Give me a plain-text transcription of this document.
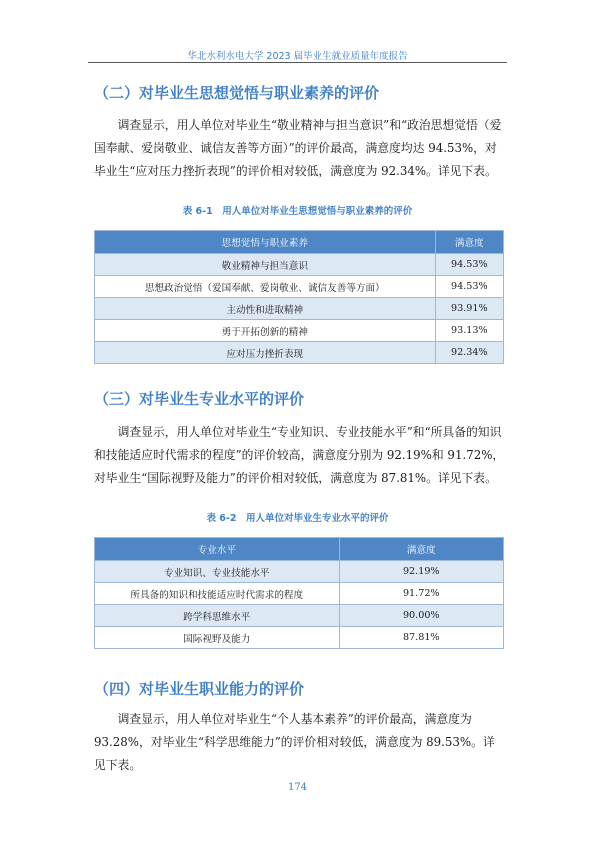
华北水利水电大学 2023 届毕业生就业质量年度报告
（二）对毕业生思想觉悟与职业素养的评价
调查显示，用人单位对毕业生“敬业精神与担当意识”和“政治思想觉悟（爱国奉献、爱岗敬业、诚信友善等方面）”的评价最高，满意度均达 94.53%，对毕业生“应对压力挫折表现”的评价相对较低，满意度为 92.34%。详见下表。
表 6-1　用人单位对毕业生思想觉悟与职业素养的评价
思想觉悟与职业素养	满意度
敬业精神与担当意识	94.53%
思想政治觉悟（爱国奉献、爱岗敬业、诚信友善等方面）	94.53%
主动性和进取精神	93.91%
勇于开拓创新的精神	93.13%
应对压力挫折表现	92.34%
（三）对毕业生专业水平的评价
调查显示，用人单位对毕业生“专业知识、专业技能水平”和“所具备的知识和技能适应时代需求的程度”的评价较高，满意度分别为 92.19%和 91.72%，对毕业生“国际视野及能力”的评价相对较低，满意度为 87.81%。详见下表。
表 6-2　用人单位对毕业生专业水平的评价
专业水平	满意度
专业知识、专业技能水平	92.19%
所具备的知识和技能适应时代需求的程度	91.72%
跨学科思维水平	90.00%
国际视野及能力	87.81%
（四）对毕业生职业能力的评价
调查显示，用人单位对毕业生“个人基本素养”的评价最高，满意度为 93.28%，对毕业生“科学思维能力”的评价相对较低，满意度为 89.53%。详见下表。
174
